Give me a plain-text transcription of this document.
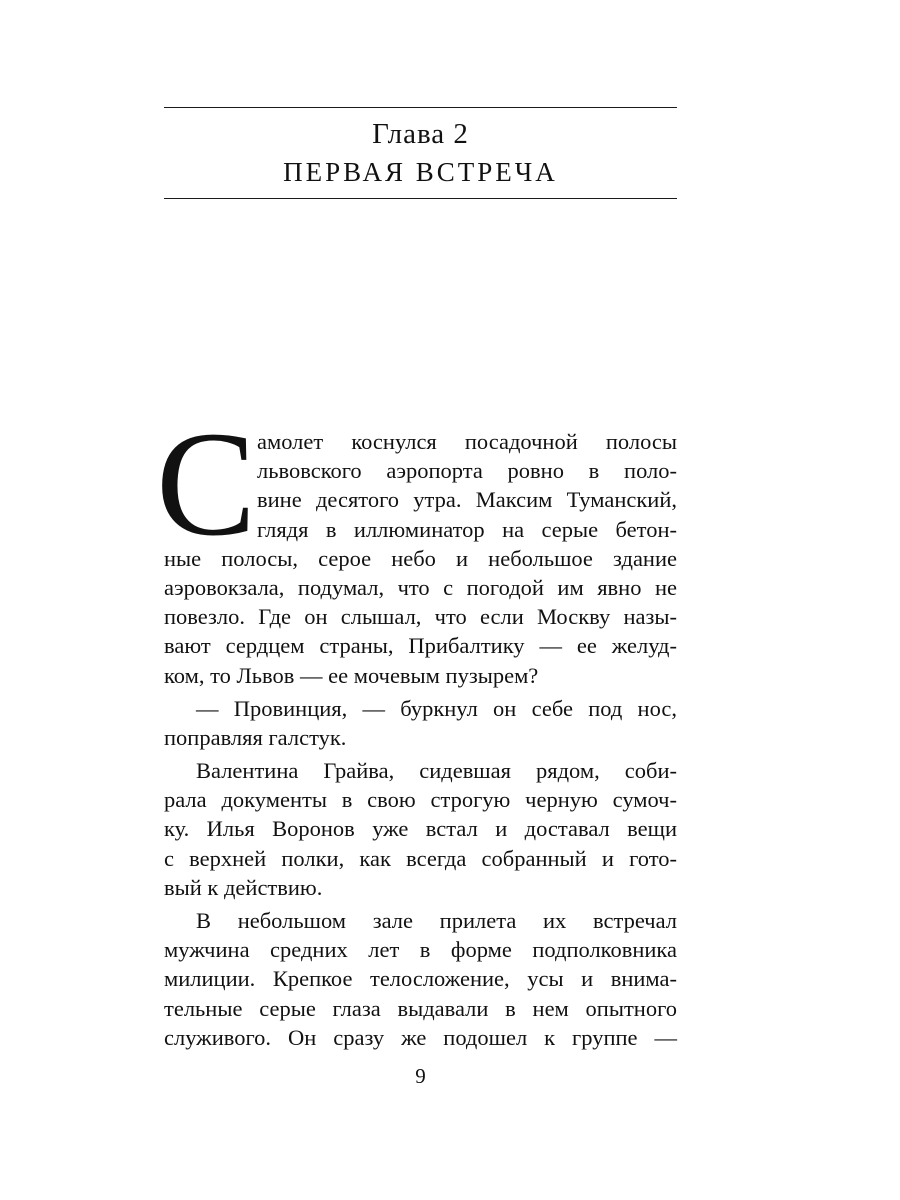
Глава 2
ПЕРВАЯ ВСТРЕЧА
С амолет коснулся посадочной полосы
львовского аэропорта ровно в поло-
вине десятого утра. Максим Туманский,
глядя в иллюминатор на серые бетон-
ные полосы, серое небо и небольшое здание
аэровокзала, подумал, что с погодой им явно не
повезло. Где он слышал, что если Москву назы-
вают сердцем страны, Прибалтику — ее желуд-
ком, то Львов — ее мочевым пузырем?
— Провинция, — буркнул он себе под нос,
поправляя галстук.
Валентина Грайва, сидевшая рядом, соби-
рала документы в свою строгую черную сумоч-
ку. Илья Воронов уже встал и доставал вещи
с верхней полки, как всегда собранный и гото-
вый к действию.
В небольшом зале прилета их встречал
мужчина средних лет в форме подполковника
милиции. Крепкое телосложение, усы и внима-
тельные серые глаза выдавали в нем опытного
служивого. Он сразу же подошел к группе —
9
